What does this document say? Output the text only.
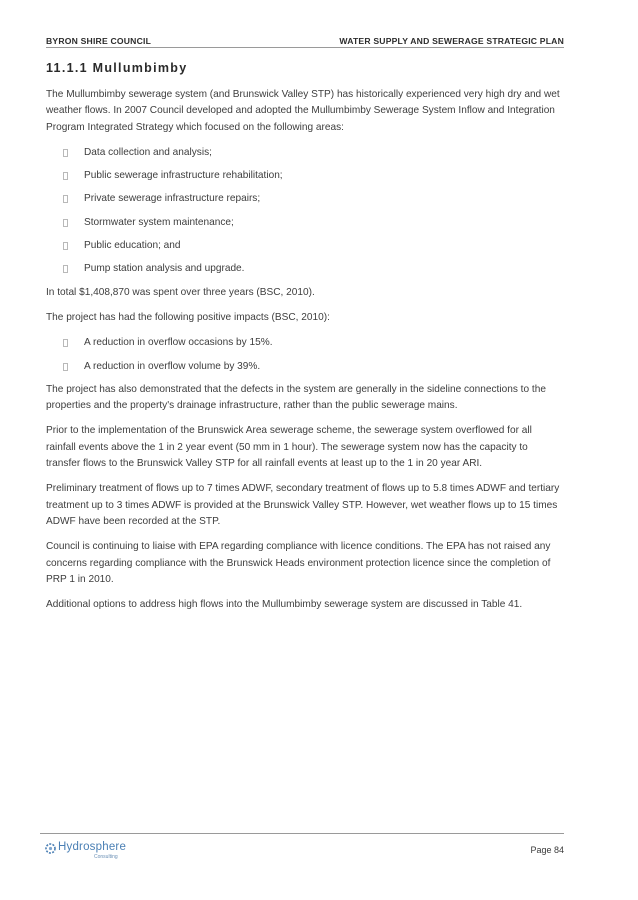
BYRON SHIRE COUNCIL	WATER SUPPLY AND SEWERAGE STRATEGIC PLAN
11.1.1 Mullumbimby

The Mullumbimby sewerage system (and Brunswick Valley STP) has historically experienced very high dry and wet weather flows. In 2007 Council developed and adopted the Mullumbimby Sewerage System Inflow and Integration Program Integrated Strategy which focused on the following areas:

Data collection and analysis;
Public sewerage infrastructure rehabilitation;
Private sewerage infrastructure repairs;
Stormwater system maintenance;
Public education; and
Pump station analysis and upgrade.

In total $1,408,870 was spent over three years (BSC, 2010).

The project has had the following positive impacts (BSC, 2010):

A reduction in overflow occasions by 15%.
A reduction in overflow volume by 39%.

The project has also demonstrated that the defects in the system are generally in the sideline connections to the properties and the property's drainage infrastructure, rather than the public sewerage mains.

Prior to the implementation of the Brunswick Area sewerage scheme, the sewerage system overflowed for all rainfall events above the 1 in 2 year event (50 mm in 1 hour). The sewerage system now has the capacity to transfer flows to the Brunswick Valley STP for all rainfall events at least up to the 1 in 20 year ARI.

Preliminary treatment of flows up to 7 times ADWF, secondary treatment of flows up to 5.8 times ADWF and tertiary treatment up to 3 times ADWF is provided at the Brunswick Valley STP. However, wet weather flows up to 15 times ADWF have been recorded at the STP.

Council is continuing to liaise with EPA regarding compliance with licence conditions. The EPA has not raised any concerns regarding compliance with the Brunswick Heads environment protection licence since the completion of PRP 1 in 2010.

Additional options to address high flows into the Mullumbimby sewerage system are discussed in Table 41.

Hydrosphere
Consulting
Page 84
